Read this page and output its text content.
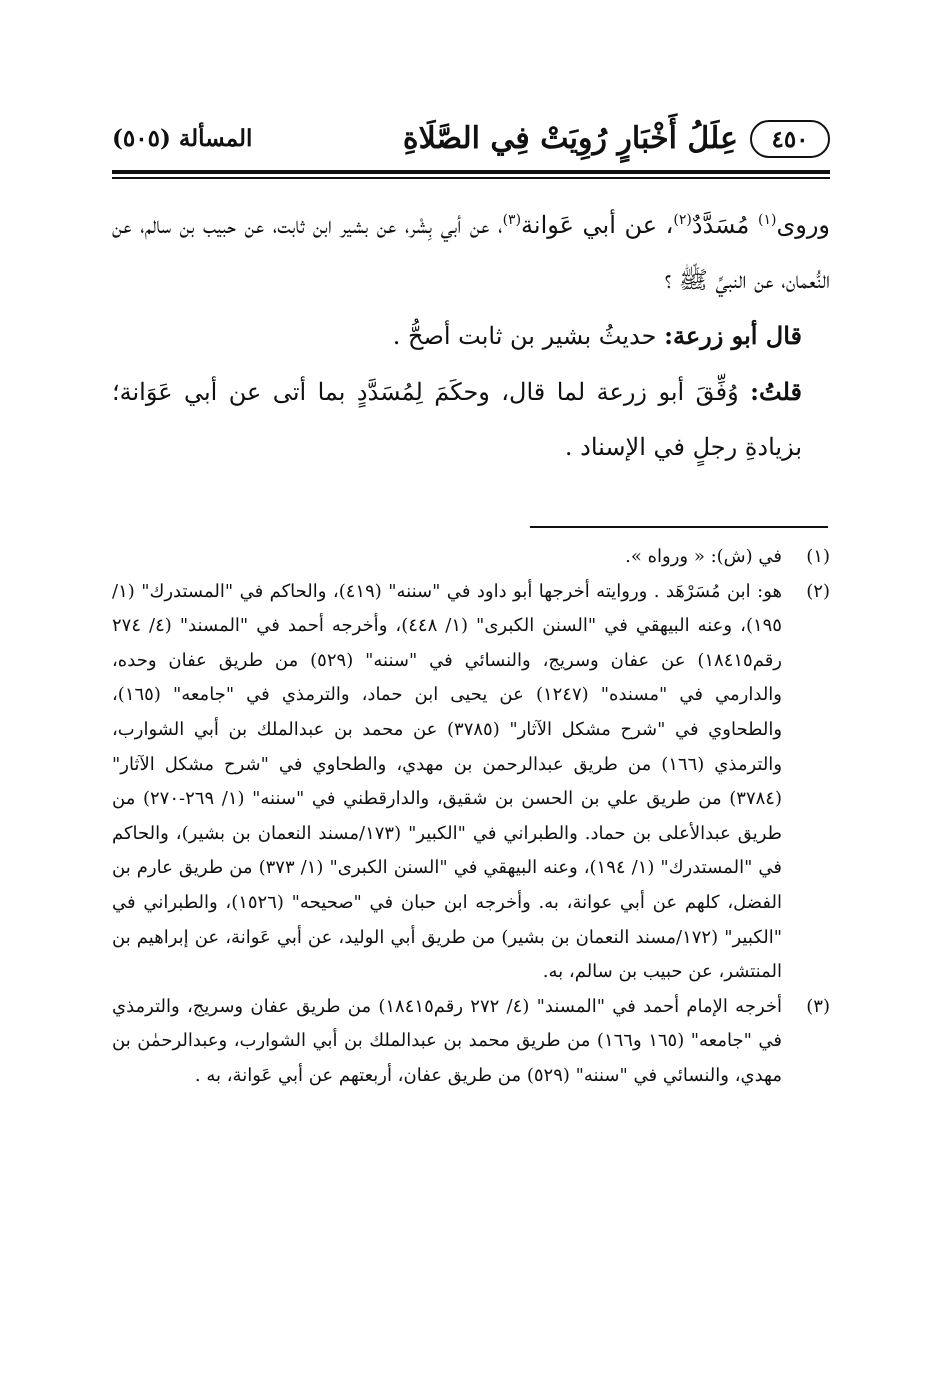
٤٥٠
عِلَلُ أَخْبَارٍ رُوِيَتْ فِي الصَّلَاةِ
المسألة (٥٠٥)

وروى$^{(١)}$ مُسَدَّدٌ$^{(٢)}$، عن أبي عَوانة$^{(٣)}$، عن أبي بِشْر، عن بشير ابن ثابت، عن حبيب بن سالم، عن النُّعمان، عن النبيِّ ﷺ ؟

قال أبو زرعة: حديثُ بشير بن ثابت أصحُّ .

قلتُ: وُفِّقَ أبو زرعة لما قال، وحكَمَ لِمُسَدَّدٍ بما أتى عن أبي عَوَانة؛ بزيادةِ رجلٍ في الإسناد .

(١)
في (ش): « ورواه ».

(٢)
هو: ابن مُسَرْهَد . وروايته أخرجها أبو داود في "سننه" (٤١٩)، والحاكم في "المستدرك" (١/ ١٩٥)، وعنه البيهقي في "السنن الكبرى" (١/ ٤٤٨)، وأخرجه أحمد في "المسند" (٤/ ٢٧٤ رقم١٨٤١٥) عن عفان وسريج، والنسائي في "سننه" (٥٢٩) من طريق عفان وحده، والدارمي في "مسنده" (١٢٤٧) عن يحيى ابن حماد، والترمذي في "جامعه" (١٦٥)، والطحاوي في "شرح مشكل الآثار" (٣٧٨٥) عن محمد بن عبدالملك بن أبي الشوارب، والترمذي (١٦٦) من طريق عبدالرحمن بن مهدي، والطحاوي في "شرح مشكل الآثار" (٣٧٨٤) من طريق علي بن الحسن بن شقيق، والدارقطني في "سننه" (١/ ٢٦٩-٢٧٠) من طريق عبدالأعلى بن حماد. والطبراني في "الكبير" (١٧٣/مسند النعمان بن بشير)، والحاكم في "المستدرك" (١/ ١٩٤)، وعنه البيهقي في "السنن الكبرى" (١/ ٣٧٣) من طريق عارم بن الفضل، كلهم عن أبي عوانة، به. وأخرجه ابن حبان في "صحيحه" (١٥٢٦)، والطبراني في "الكبير" (١٧٢/مسند النعمان بن بشير) من طريق أبي الوليد، عن أبي عَوانة، عن إبراهيم بن المنتشر، عن حبيب بن سالم، به.

(٣)
أخرجه الإمام أحمد في "المسند" (٤/ ٢٧٢ رقم١٨٤١٥) من طريق عفان وسريج، والترمذي في "جامعه" (١٦٥ و١٦٦) من طريق محمد بن عبدالملك بن أبي الشوارب، وعبدالرحمٰن بن مهدي، والنسائي في "سننه" (٥٢٩) من طريق عفان، أربعتهم عن أبي عَوانة، به .
